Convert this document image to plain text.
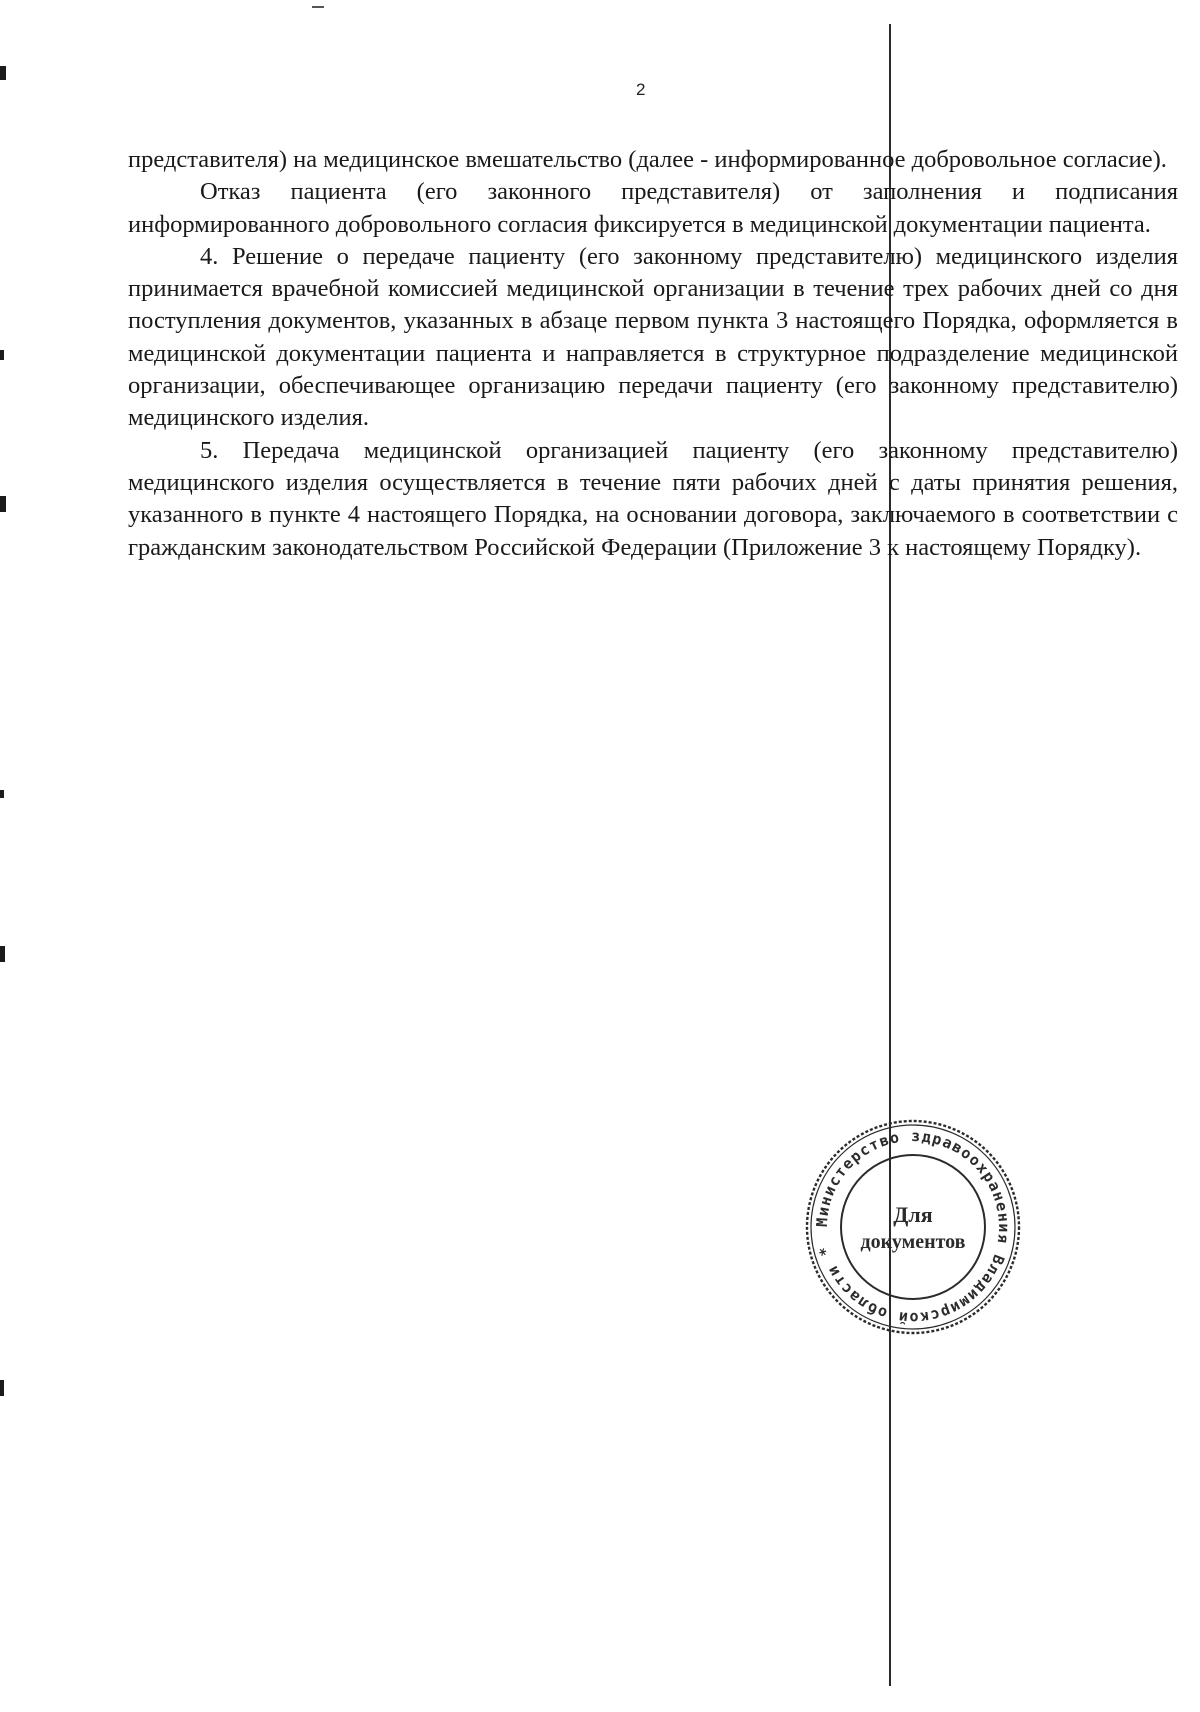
2

представителя) на медицинское вмешательство (далее - информированное добровольное согласие).

Отказ пациента (его законного представителя) от заполнения и подписания информированного добровольного согласия фиксируется в медицинской документации пациента.

4. Решение о передаче пациенту (его законному представителю) медицинского изделия принимается врачебной комиссией медицинской организации в течение трех рабочих дней со дня поступления документов, указанных в абзаце первом пункта 3 настоящего Порядка, оформляется в медицинской документации пациента и направляется в структурное подразделение медицинской организации, обеспечивающее организацию передачи пациенту (его законному представителю) медицинского изделия.

5. Передача медицинской организацией пациенту (его законному представителю) медицинского изделия осуществляется в течение пяти рабочих дней с даты принятия решения, указанного в пункте 4 настоящего Порядка, на основании договора, заключаемого в соответствии с гражданским законодательством Российской Федерации (Приложение 3 к настоящему Порядку).

Министерство здравоохранения Владимирской области *
Для
документов
